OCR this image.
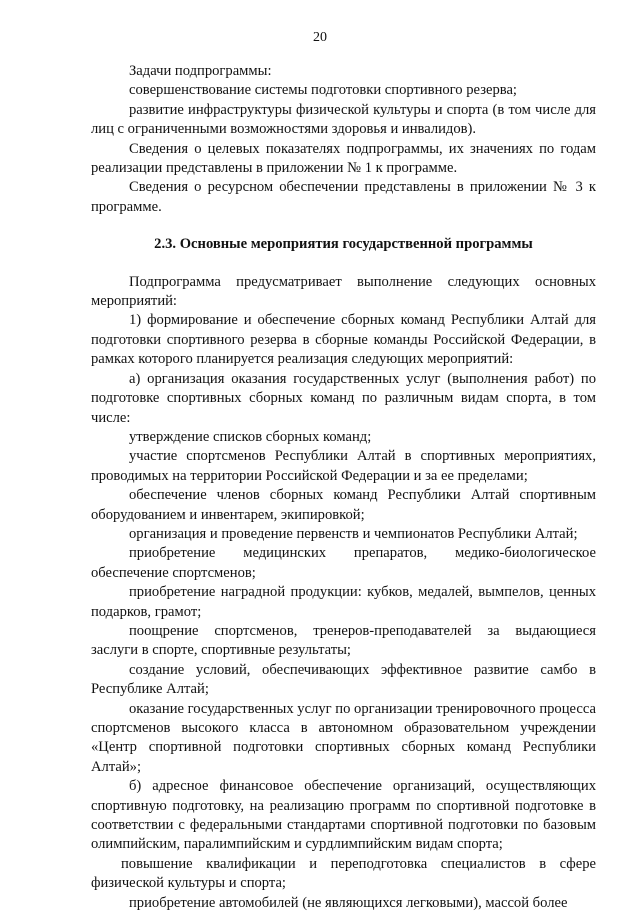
20

Задачи подпрограммы:

совершенствование системы подготовки спортивного резерва;

развитие инфраструктуры физической культуры и спорта (в том числе для лиц с ограниченными возможностями здоровья и инвалидов).

Сведения о целевых показателях подпрограммы, их значениях по годам реализации представлены в приложении № 1 к программе.

Сведения о ресурсном обеспечении представлены в приложении № 3 к программе.

2.3. Основные мероприятия государственной программы

Подпрограмма предусматривает выполнение следующих основных мероприятий:

1) формирование и обеспечение сборных команд Республики Алтай для подготовки спортивного резерва в сборные команды Российской Федерации, в рамках которого планируется реализация следующих мероприятий:

а) организация оказания государственных услуг (выполнения работ) по подготовке спортивных сборных команд по различным видам спорта, в том числе:

утверждение списков сборных команд;

участие спортсменов Республики Алтай в спортивных мероприятиях, проводимых на территории Российской Федерации и за ее пределами;

обеспечение членов сборных команд Республики Алтай спортивным оборудованием и инвентарем, экипировкой;

организация и проведение первенств и чемпионатов Республики Алтай;

приобретение медицинских препаратов, медико-биологическое обеспечение спортсменов;

приобретение наградной продукции: кубков, медалей, вымпелов, ценных подарков, грамот;

поощрение спортсменов, тренеров-преподавателей за выдающиеся заслуги в спорте, спортивные результаты;

создание условий, обеспечивающих эффективное развитие самбо в Республике Алтай;

оказание государственных услуг по организации тренировочного процесса спортсменов высокого класса в автономном образовательном учреждении «Центр спортивной подготовки спортивных сборных команд Республики Алтай»;

б) адресное финансовое обеспечение организаций, осуществляющих спортивную подготовку, на реализацию программ по спортивной подготовке в соответствии с федеральными стандартами спортивной подготовки по базовым олимпийским, паралимпийским и сурдлимпийским видам спорта;

повышение квалификации и переподготовка специалистов в сфере физической культуры и спорта;

приобретение автомобилей (не являющихся легковыми), массой более
